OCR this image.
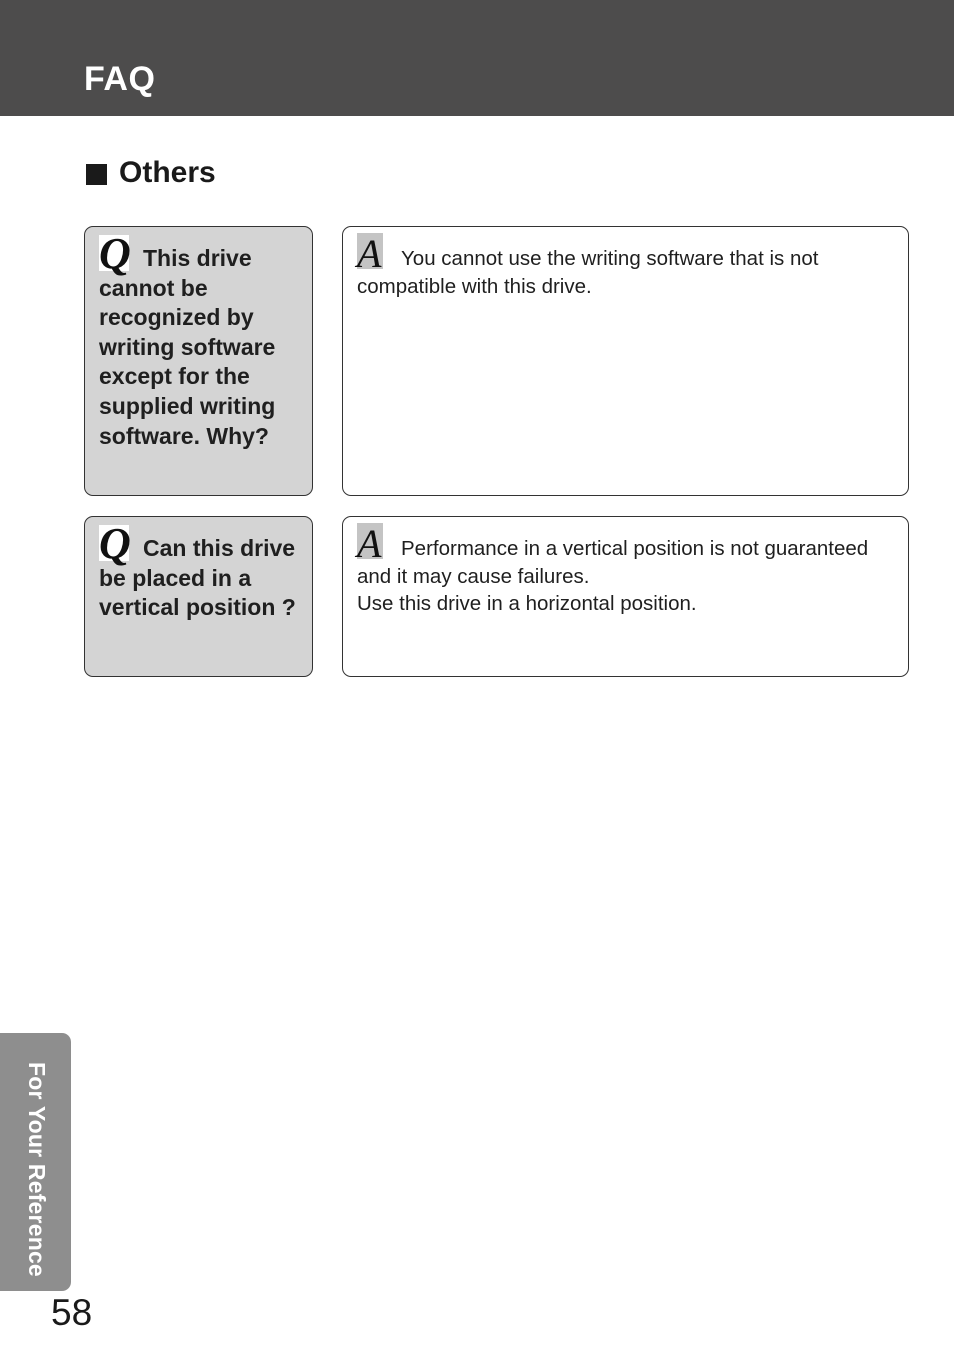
FAQ
Others

Q This drive cannot be recognized by writing software except for the supplied writing software. Why?

A You cannot use the writing software that is not compatible with this drive.

Q Can this drive be placed in a vertical position ?

A Performance in a vertical position is not guaranteed and it may cause failures.
Use this drive in a horizontal position.

For Your Reference
58
